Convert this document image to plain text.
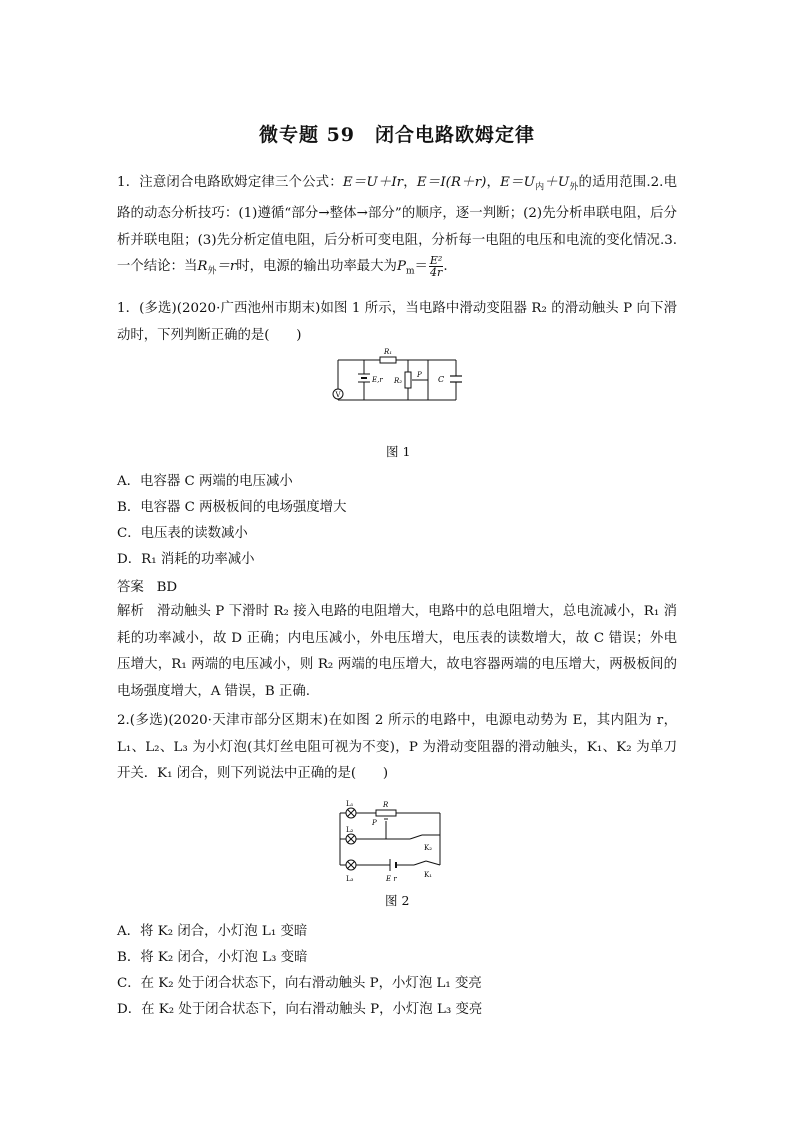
微专题 59　闭合电路欧姆定律
1．注意闭合电路欧姆定律三个公式：E＝U＋Ir，E＝I(R＋r)，$E=U_内+U_外$的适用范围.2.电路的动态分析技巧：(1)遵循“部分→整体→部分”的顺序，逐一判断；(2)先分析串联电阻，后分析并联电阻；(3)先分析定值电阻，后分析可变电阻，分析每一电阻的电压和电流的变化情况.3.一个结论：当$R_外=r$时，电源的输出功率最大为$P_m= \frac{\text{E²}}{4r}$ .
1．(多选)(2020·广西池州市期末)如图 1 所示，当电路中滑动变阻器 R₂ 的滑动触头 P 向下滑动时，下列判断正确的是(　　)
V
R₁
R₂
P
E,r	C
图 1
A．电容器 C 两端的电压减小
B．电容器 C 两极板间的电场强度增大
C．电压表的读数减小
D．R₁ 消耗的功率减小
答案 BD
解析 滑动触头 P 下滑时 R₂ 接入电路的电阻增大，电路中的总电阻增大，总电流减小，R₁ 消耗的功率减小，故 D 正确；内电压减小，外电压增大，电压表的读数增大，故 C 错误；外电压增大，R₁ 两端的电压减小，则 R₂ 两端的电压增大，故电容器两端的电压增大，两极板间的电场强度增大，A 错误，B 正确.
2.(多选)(2020·天津市部分区期末)在如图 2 所示的电路中，电源电动势为 E，其内阻为 r，L₁、L₂、L₃ 为小灯泡(其灯丝电阻可视为不变)，P 为滑动变阻器的滑动触头，K₁、K₂ 为单刀开关．K₁ 闭合，则下列说法中正确的是(　　)
L₁
L₂
L₃
R
P
K₂
K₁
E r
图 2
A．将 K₂ 闭合，小灯泡 L₁ 变暗
B．将 K₂ 闭合，小灯泡 L₃ 变暗
C．在 K₂ 处于闭合状态下，向右滑动触头 P，小灯泡 L₁ 变亮
D．在 K₂ 处于闭合状态下，向右滑动触头 P，小灯泡 L₃ 变亮
